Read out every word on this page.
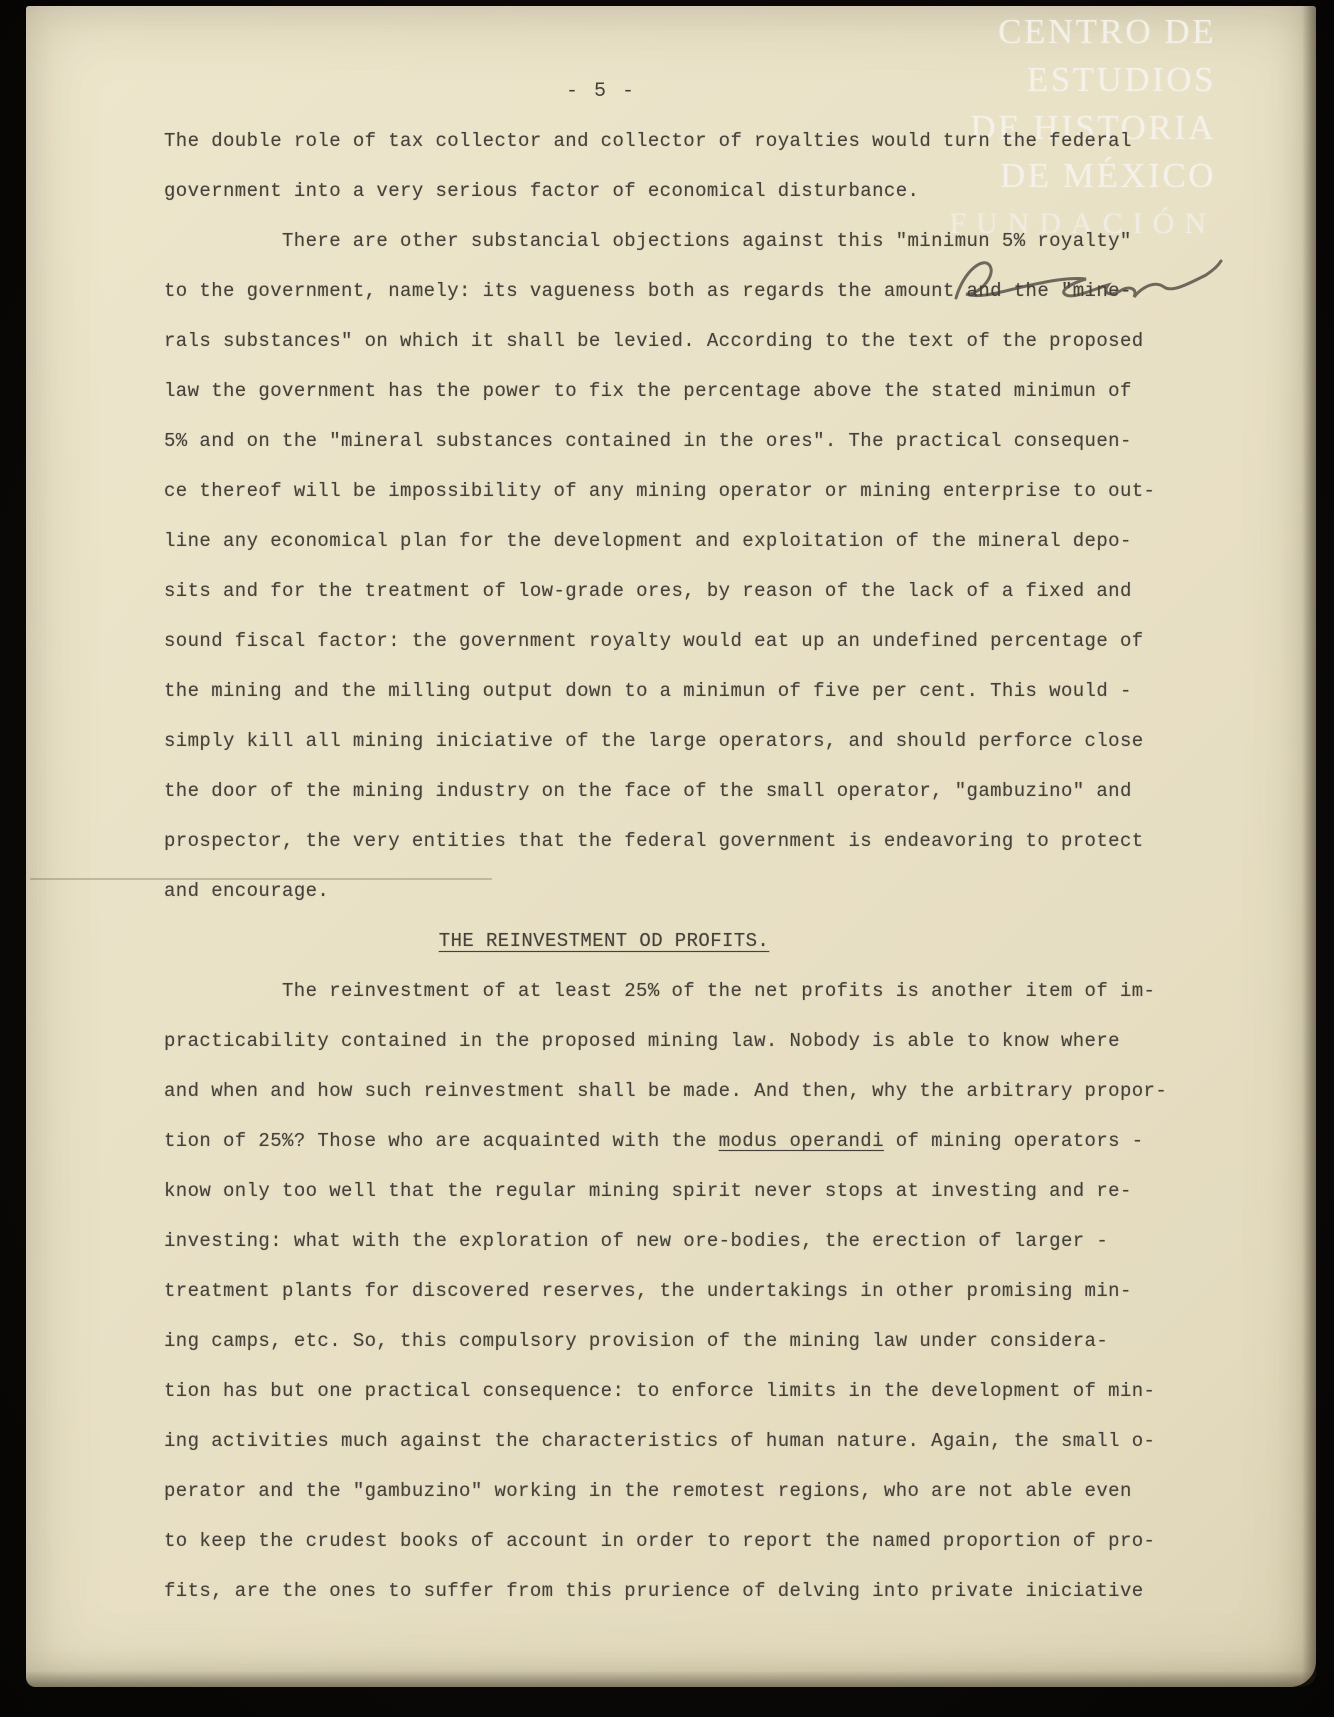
CENTRO DE
ESTUDIOS
DE HISTORIA
DE MÉXICO
FUNDACIÓN
- 5 -
The double role of tax collector and collector of royalties would turn the federal
government into a very serious factor of economical disturbance.
There are other substancial objections against this "minimun 5% royalty"
to the government, namely: its vagueness both as regards the amount and the "mine-
rals substances" on which it shall be levied. According to the text of the proposed
law the government has the power to fix the percentage above the stated minimun of
5% and on the "mineral substances contained in the ores". The practical consequen-
ce thereof will be impossibility of any mining operator or mining enterprise to out-
line any economical plan for the development and exploitation of the mineral depo-
sits and for the treatment of low-grade ores, by reason of the lack of a fixed and
sound fiscal factor: the government royalty would eat up an undefined percentage of
the mining and the milling output down to a minimun of five per cent. This would -
simply kill all mining iniciative of the large operators, and should perforce close
the door of the mining industry on the face of the small operator, "gambuzino" and
prospector, the very entities that the federal government is endeavoring to protect
and encourage.
THE REINVESTMENT OD PROFITS.
The reinvestment of at least 25% of the net profits is another item of im-
practicability contained in the proposed mining law. Nobody is able to know where
and when and how such reinvestment shall be made. And then, why the arbitrary propor-
tion of 25%? Those who are acquainted with the modus operandi of mining operators -
know only too well that the regular mining spirit never stops at investing and re-
investing: what with the exploration of new ore-bodies, the erection of larger -
treatment plants for discovered reserves, the undertakings in other promising min-
ing camps, etc. So, this compulsory provision of the mining law under considera-
tion has but one practical consequence: to enforce limits in the development of min-
ing activities much against the characteristics of human nature. Again, the small o-
perator and the "gambuzino" working in the remotest regions, who are not able even
to keep the crudest books of account in order to report the named proportion of pro-
fits, are the ones to suffer from this prurience of delving into private iniciative
